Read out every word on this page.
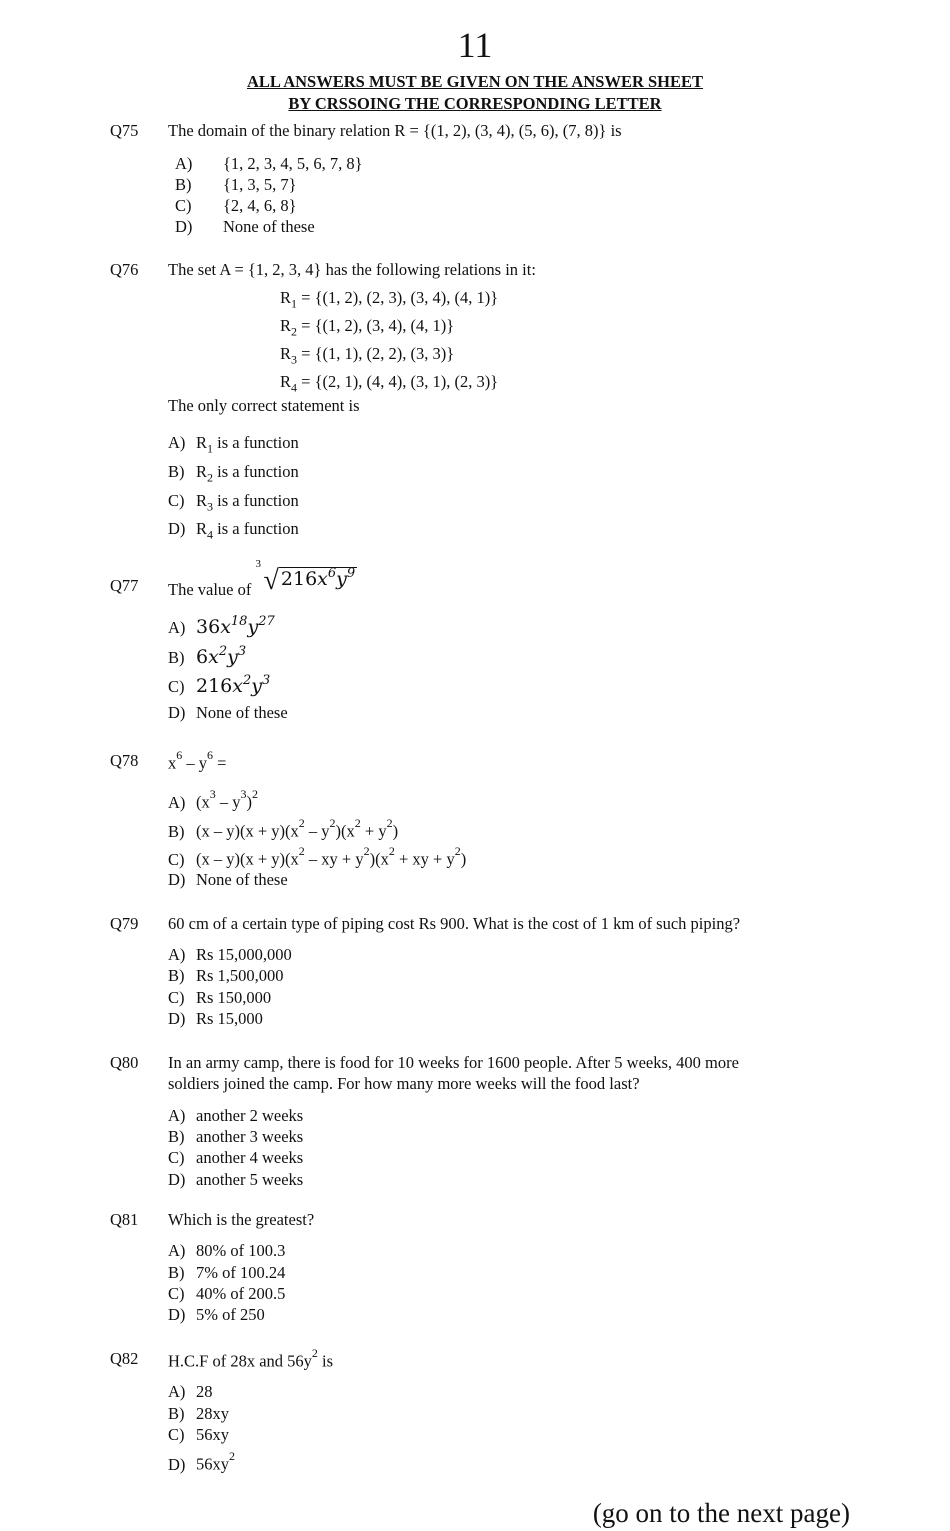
11
ALL ANSWERS MUST BE GIVEN ON THE ANSWER SHEET
BY CRSSOING THE CORRESPONDING LETTER
Q75 The domain of the binary relation R = {(1, 2), (3, 4), (5, 6), (7, 8)} is
A) {1, 2, 3, 4, 5, 6, 7, 8}
B) {1, 3, 5, 7}
C) {2, 4, 6, 8}
D) None of these
Q76 The set A = {1, 2, 3, 4} has the following relations in it:
$R_1 = \{(1$, 2), (2, 3), (3, 4), (4, 1)}
$R_2 = \{(1$, 2), (3, 4), (4, 1)}
$R_3 = \{(1$, 1), (2, 2), (3, 3)}
$R_4 = \{(2$, 1), (4, 4), (3, 1), (2, 3)}
The only correct statement is
A) $R_1$ is a function
B) $R_2$ is a function
C) $R_3$ is a function
D) $R_4$ is a function
Q77 The value of
3
√ $216x^6y^9$
A) $36x^{18}y^{27}$
B) $6x^2y^3$
C) $216x^2y^3$
D) None of these
Q78 $x^6 - y^6$ =
A) $(x^3 - y^3)^2$
B) $(x - y)(x + y)(x^2 - y^2)(x^2 + y^2)$
C) $(x - y)(x + y)(x^2$ – xy + $y^2)(x^2$ + xy + $y^2$)
D) None of these
Q79 60 cm of a certain type of piping cost Rs 900. What is the cost of 1 km of such piping?
A) Rs 15,000,000
B) Rs 1,500,000
C) Rs 150,000
D) Rs 15,000
Q80 In an army camp, there is food for 10 weeks for 1600 people. After 5 weeks, 400 more
soldiers joined the camp. For how many more weeks will the food last?
A) another 2 weeks
B) another 3 weeks
C) another 4 weeks
D) another 5 weeks
Q81 Which is the greatest?
A) 80% of 100.3
B) 7% of 100.24
C) 40% of 200.5
D) 5% of 250
Q82 H.C.F of 28x and $56y^2$ is
A) 28
B) 28xy
C) 56xy
D) $56xy^2$
(go on to the next page)
